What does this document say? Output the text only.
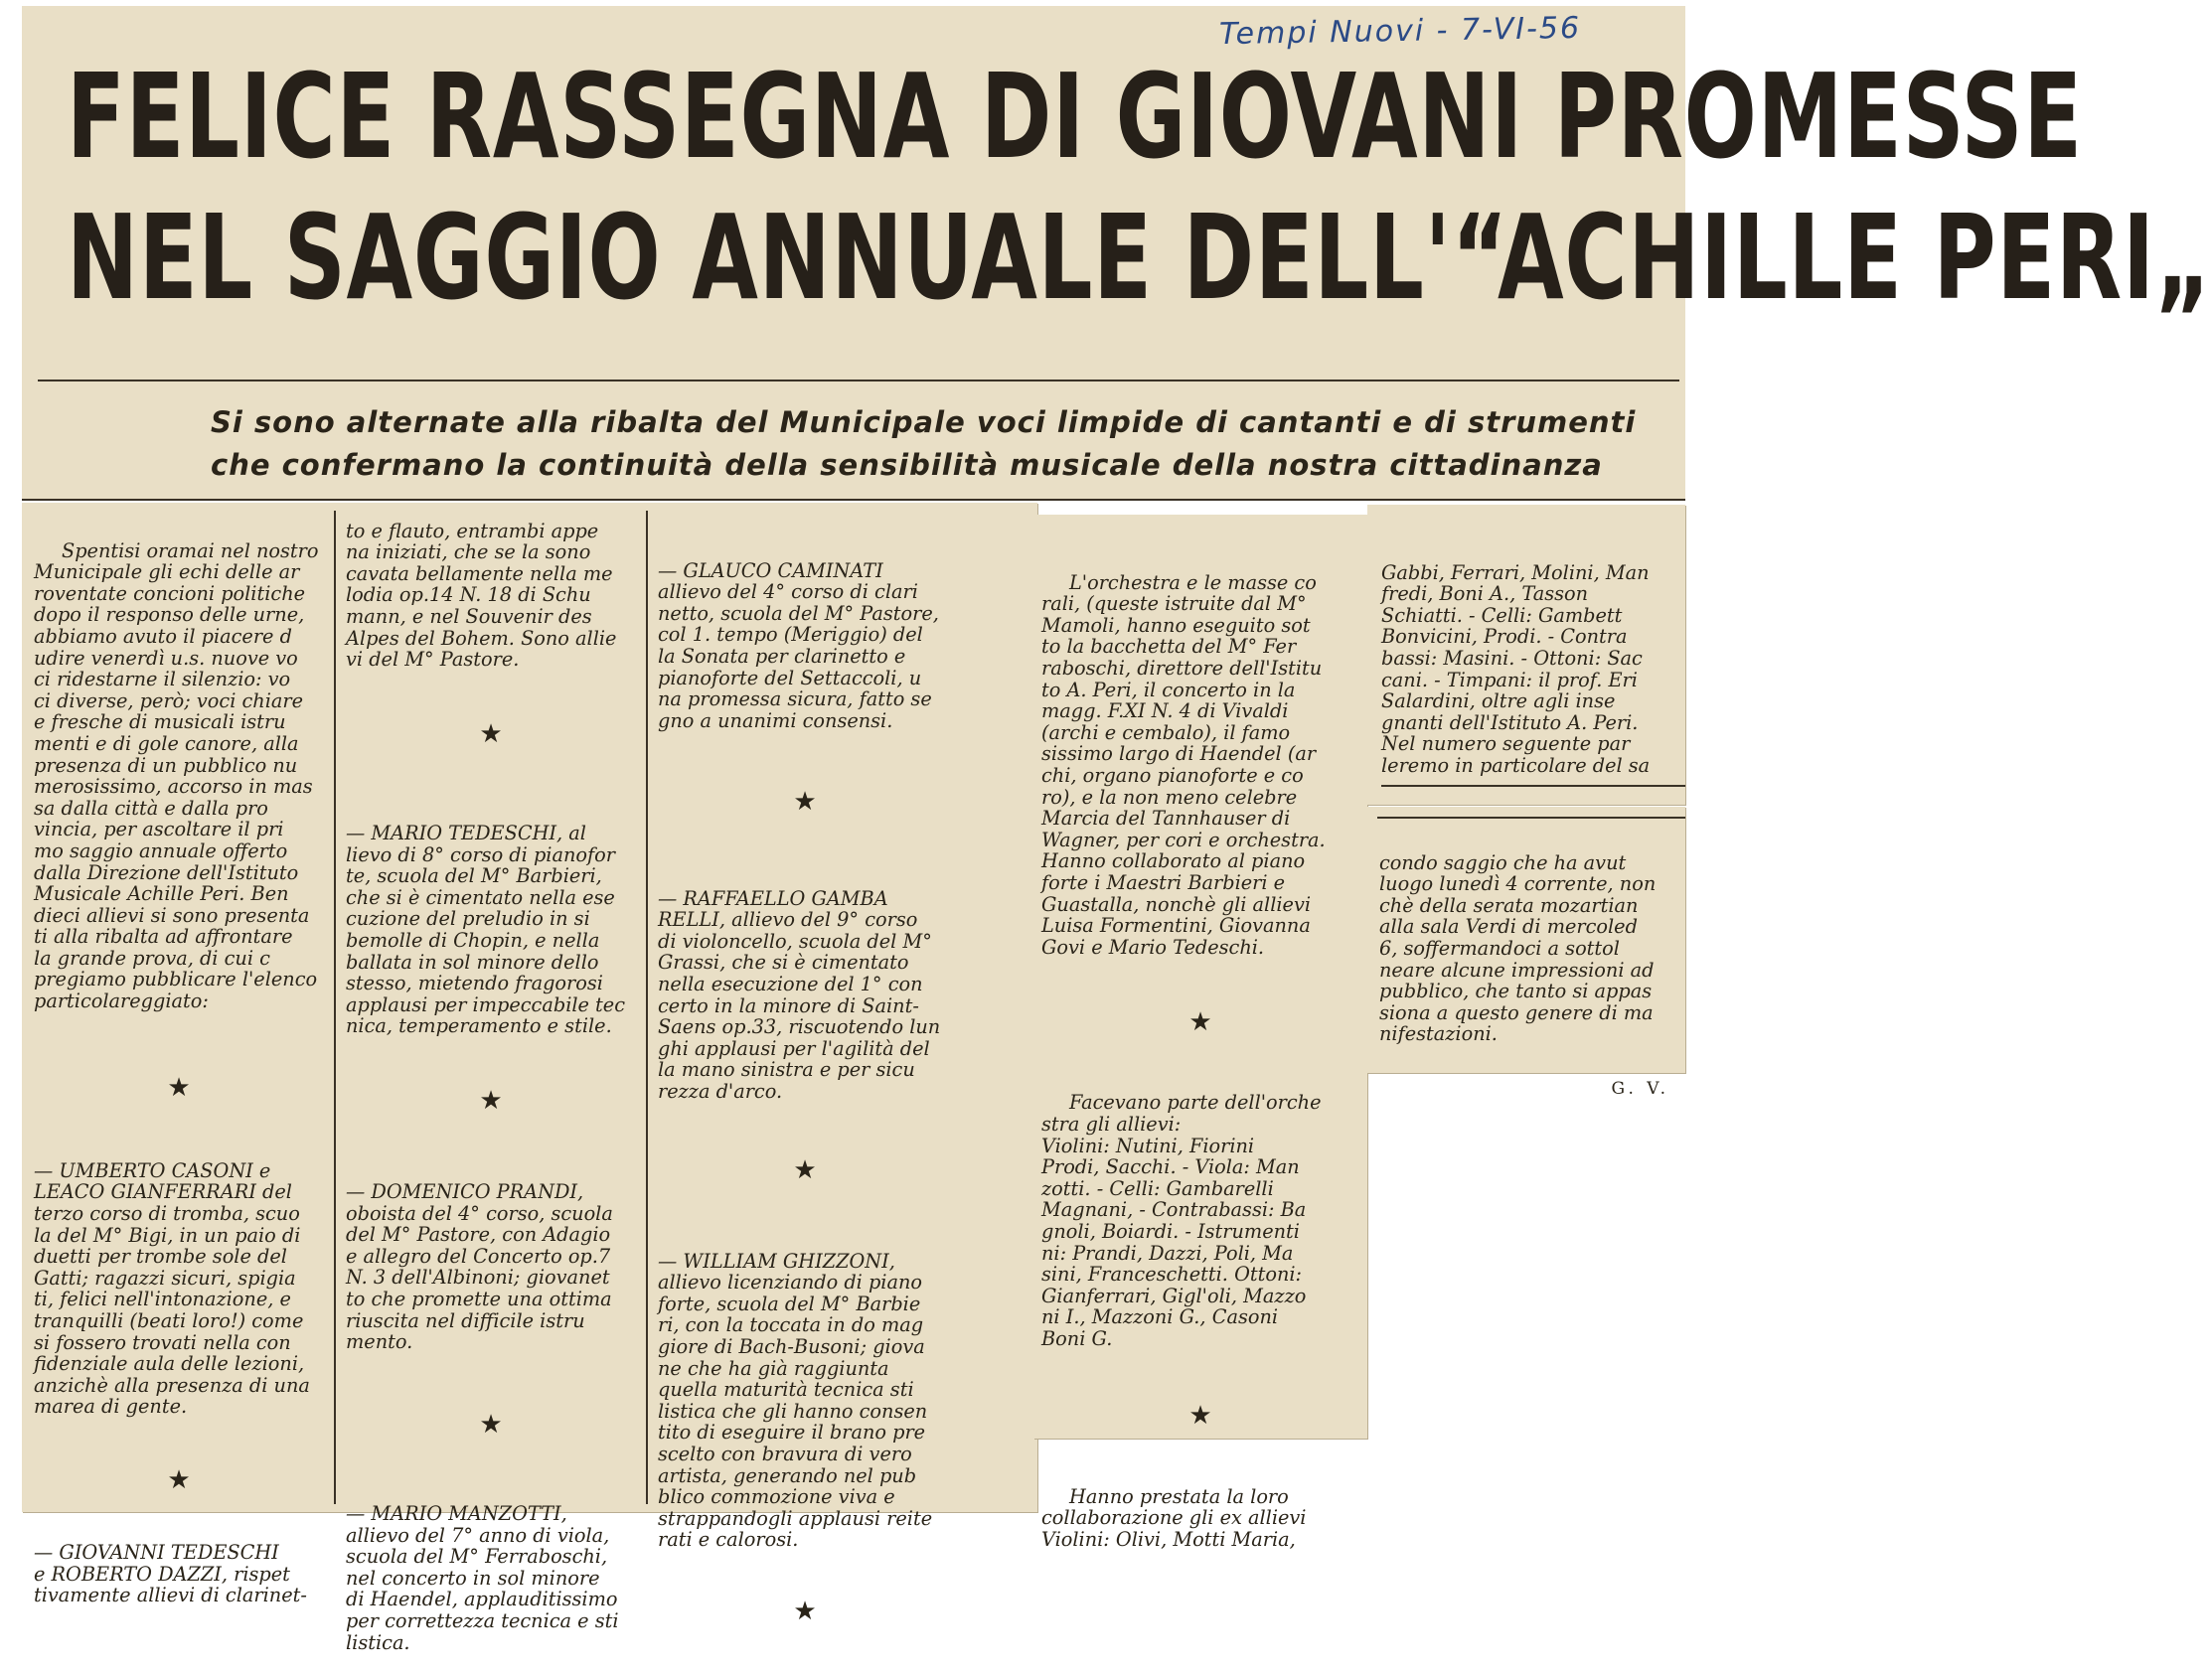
Tempi Nuovi - 7-VI-56
FELICE RASSEGNA DI GIOVANI PROMESSE
NEL SAGGIO ANNUALE DELL'“ACHILLE PERI„
Si sono alternate alla ribalta del Municipale voci limpide di cantanti e di strumenti
che confermano la continuità della sensibilità musicale della nostra cittadinanza

Spentisi oramai nel nostro
Municipale gli echi delle ar
roventate concioni politiche
dopo il responso delle urne,
abbiamo avuto il piacere d
udire venerdì u.s. nuove vo
ci ridestarne il silenzio: vo
ci diverse, però; voci chiare
e fresche di musicali istru
menti e di gole canore, alla
presenza di un pubblico nu
merosissimo, accorso in mas
sa dalla città e dalla pro
vincia, per ascoltare il pri
mo saggio annuale offerto
dalla Direzione dell'Istituto
Musicale Achille Peri. Ben
dieci allievi si sono presenta
ti alla ribalta ad affrontare
la grande prova, di cui c
pregiamo pubblicare l'elenco
particolareggiato:

★

— UMBERTO CASONI e
LEACO GIANFERRARI del
terzo corso di tromba, scuo
la del M° Bigi, in un paio di
duetti per trombe sole del
Gatti; ragazzi sicuri, spigia
ti, felici nell'intonazione, e
tranquilli (beati loro!) come
si fossero trovati nella con
fidenziale aula delle lezioni,
anzichè alla presenza di una
marea di gente.

★

— GIOVANNI TEDESCHI
e ROBERTO DAZZI, rispet
tivamente allievi di clarinet-

to e flauto, entrambi appe
na iniziati, che se la sono
cavata bellamente nella me
lodia op.14 N. 18 di Schu
mann, e nel Souvenir des
Alpes del Bohem. Sono allie
vi del M° Pastore.

★

— MARIO TEDESCHI, al
lievo di 8° corso di pianofor
te, scuola del M° Barbieri,
che si è cimentato nella ese
cuzione del preludio in si
bemolle di Chopin, e nella
ballata in sol minore dello
stesso, mietendo fragorosi
applausi per impeccabile tec
nica, temperamento e stile.

★

— DOMENICO PRANDI,
oboista del 4° corso, scuola
del M° Pastore, con Adagio
e allegro del Concerto op.7
N. 3 dell'Albinoni; giovanet
to che promette una ottima
riuscita nel difficile istru
mento.

★

— MARIO MANZOTTI,
allievo del 7° anno di viola,
scuola del M° Ferraboschi,
nel concerto in sol minore
di Haendel, applauditissimo
per correttezza tecnica e sti
listica.

— GLAUCO CAMINATI
allievo del 4° corso di clari
netto, scuola del M° Pastore,
col 1. tempo (Meriggio) del
la Sonata per clarinetto e
pianoforte del Settaccoli, u
na promessa sicura, fatto se
gno a unanimi consensi.

★

— RAFFAELLO GAMBA
RELLI, allievo del 9° corso
di violoncello, scuola del M°
Grassi, che si è cimentato
nella esecuzione del 1° con
certo in la minore di Saint-
Saens op.33, riscuotendo lun
ghi applausi per l'agilità del
la mano sinistra e per sicu
rezza d'arco.

★

— WILLIAM GHIZZONI,
allievo licenziando di piano
forte, scuola del M° Barbie
ri, con la toccata in do mag
giore di Bach-Busoni; giova
ne che ha già raggiunta
quella maturità tecnica sti
listica che gli hanno consen
tito di eseguire il brano pre
scelto con bravura di vero
artista, generando nel pub
blico commozione viva e
strappandogli applausi reite
rati e calorosi.

★

L'orchestra e le masse co
rali, (queste istruite dal M°
Mamoli, hanno eseguito sot
to la bacchetta del M° Fer
raboschi, direttore dell'Istitu
to A. Peri, il concerto in la
magg. F.XI N. 4 di Vivaldi
(archi e cembalo), il famo
sissimo largo di Haendel (ar
chi, organo pianoforte e co
ro), e la non meno celebre
Marcia del Tannhauser di
Wagner, per cori e orchestra.
Hanno collaborato al piano
forte i Maestri Barbieri e
Guastalla, nonchè gli allievi
Luisa Formentini, Giovanna
Govi e Mario Tedeschi.

★

Facevano parte dell'orche
stra gli allievi:
Violini: Nutini, Fiorini
Prodi, Sacchi. - Viola: Man
zotti. - Celli: Gambarelli
Magnani, - Contrabassi: Ba
gnoli, Boiardi. - Istrumenti
ni: Prandi, Dazzi, Poli, Ma
sini, Franceschetti. Ottoni:
Gianferrari, Gigl'oli, Mazzo
ni I., Mazzoni G., Casoni
Boni G.

★

Hanno prestata la loro
collaborazione gli ex allievi
Violini: Olivi, Motti Maria,

Gabbi, Ferrari, Molini, Man
fredi, Boni A., Tasson
Schiatti. - Celli: Gambett
Bonvicini, Prodi. - Contra
bassi: Masini. - Ottoni: Sac
cani. - Timpani: il prof. Eri
Salardini, oltre agli inse
gnanti dell'Istituto A. Peri.
Nel numero seguente par
leremo in particolare del sa

condo saggio che ha avut
luogo lunedì 4 corrente, non
chè della serata mozartian
alla sala Verdi di mercoled
6, soffermandoci a sottol
neare alcune impressioni ad
pubblico, che tanto si appas
siona a questo genere di ma
nifestazioni.

G. V.
